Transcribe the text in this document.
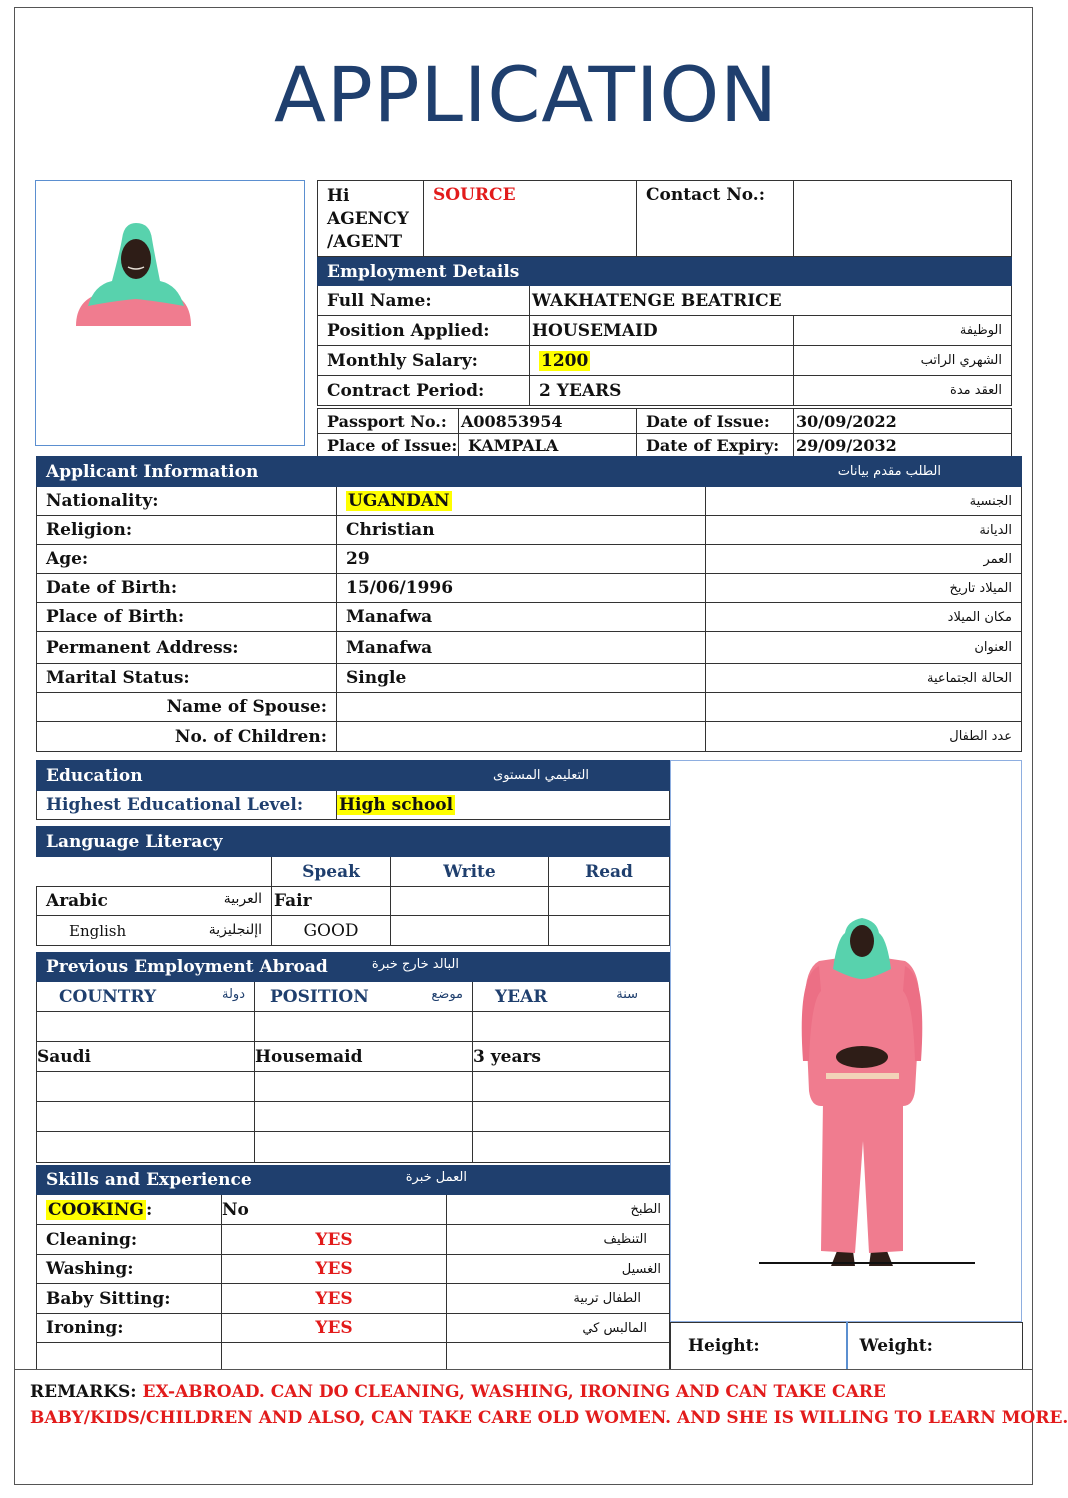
APPLICATION
Hi
AGENCY
/AGENT	SOURCE	Contact No.:	
Employment Details		
Full Name:	WAKHATENGE BEATRICE	
Position Applied:	HOUSEMAID	الوظيفة
Monthly Salary:	1200	الشهري الراتب
Contract Period:	2 YEARS	العقد مدة
Passport No.:	A00853954	Date of Issue:	30/09/2022
Place of Issue:	KAMPALA	Date of Expiry:	29/09/2032
Applicant Information		الطلب مقدم بيانات
Nationality:	UGANDAN	الجنسية
Religion:	Christian	الديانة
Age:	29	العمر
Date of Birth:	15/06/1996	الميلاد تاريخ
Place of Birth:	Manafwa	مكان الميلاد
Permanent Address:	Manafwa	العنوان
Marital Status:	Single	الحالة الجتماعية
Name of Spouse:		
No. of Children:		عدد الطفال
Education	التعليمي المستوى
Highest Educational Level:	High school
Language Literacy			
	Speak	Write	Read
Arabic العربية	Fair		
English اإلنجليزية	GOOD		
Previous Employment Abroad البالد خارج خبرة		

COUNTRY دولة	POSITION موضع	YEAR سنة

Saudi	Housemaid	3 years

Skills and Experience العمل خبرة		

COOKING :	No	الطبخ
Cleaning:	YES	التنظيف
Washing:	YES	الغسيل
Baby Sitting:	YES	الطفال تربية
Ironing:	YES	المالبس كي

Height:	Weight:
REMARKS: EX-ABROAD. CAN DO CLEANING, WASHING, IRONING AND CAN TAKE CARE
BABY/KIDS/CHILDREN AND ALSO, CAN TAKE CARE OLD WOMEN. AND SHE IS WILLING TO LEARN MORE.
